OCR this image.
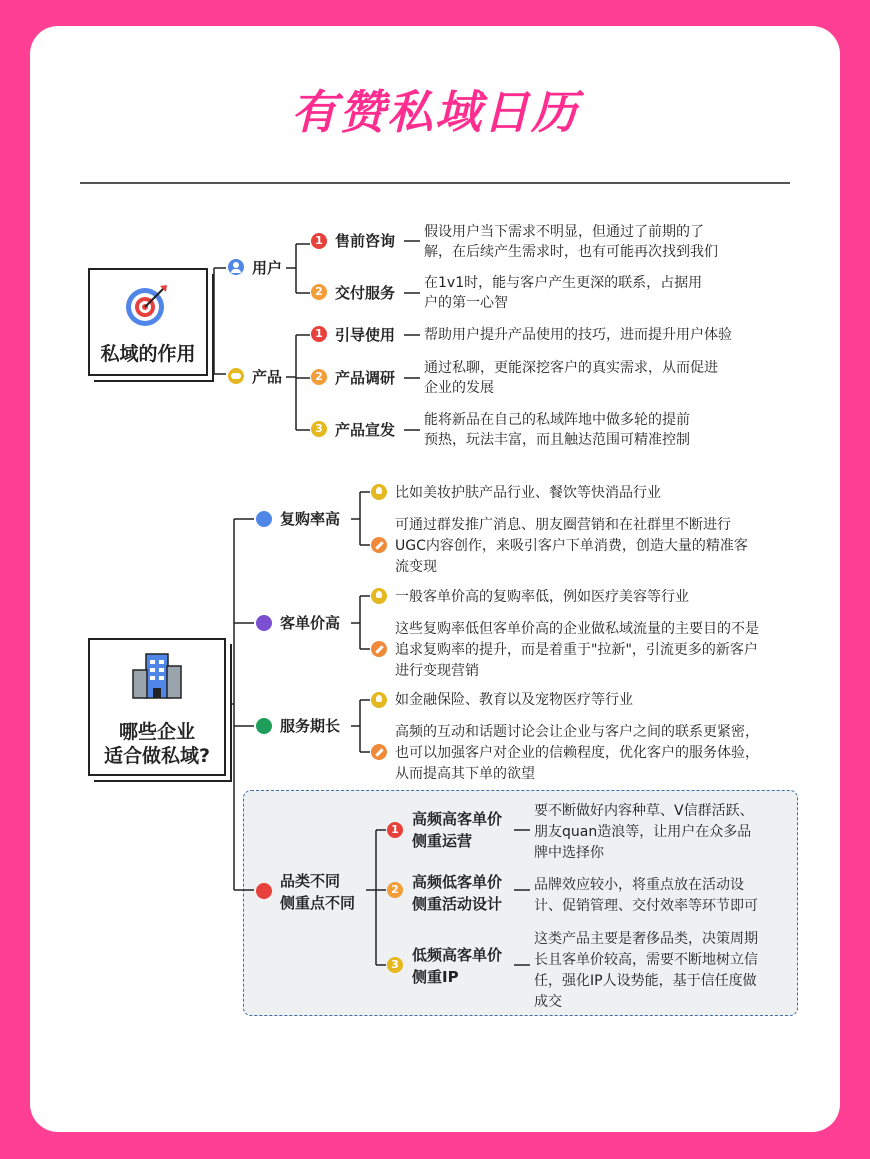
有赞私域日历
私域的作用
用户
1 售前咨询 假设用户当下需求不明显，但通过了前期的了
解，在后续产生需求时，也有可能再次找到我们
2 交付服务
在1v1时，能与客户产生更深的联系，占据用
户的第一心智
产品
1 引导使用 帮助用户提升产品使用的技巧，进而提升用户体验
2 产品调研
通过私聊，更能深挖客户的真实需求，从而促进
企业的发展
3 产品宣发
能将新品在自己的私域阵地中做多轮的提前
预热，玩法丰富，而且触达范围可精准控制
哪些企业
适合做私域?
复购率高
比如美妆护肤产品行业、餐饮等快消品行业
可通过群发推广消息、朋友圈营销和在社群里不断进行
UGC内容创作，来吸引客户下单消费，创造大量的精准客
流变现
客单价高
一般客单价高的复购率低，例如医疗美容等行业
这些复购率低但客单价高的企业做私域流量的主要目的不是
追求复购率的提升，而是着重于"拉新"，引流更多的新客户
进行变现营销
服务期长
如金融保险、教育以及宠物医疗等行业
高频的互动和话题讨论会让企业与客户之间的联系更紧密，
也可以加强客户对企业的信赖程度，优化客户的服务体验，
从而提高其下单的欲望
品类不同
侧重点不同
1
高频高客单价
侧重运营
要不断做好内容种草、V信群活跃、
朋友quan造浪等，让用户在众多品
牌中选择你
2 高频低客单价
侧重活动设计
品牌效应较小，将重点放在活动设
计、促销管理、交付效率等环节即可
3
低频高客单价
侧重IP
这类产品主要是奢侈品类，决策周期
长且客单价较高，需要不断地树立信
任，强化IP人设势能，基于信任度做
成交
